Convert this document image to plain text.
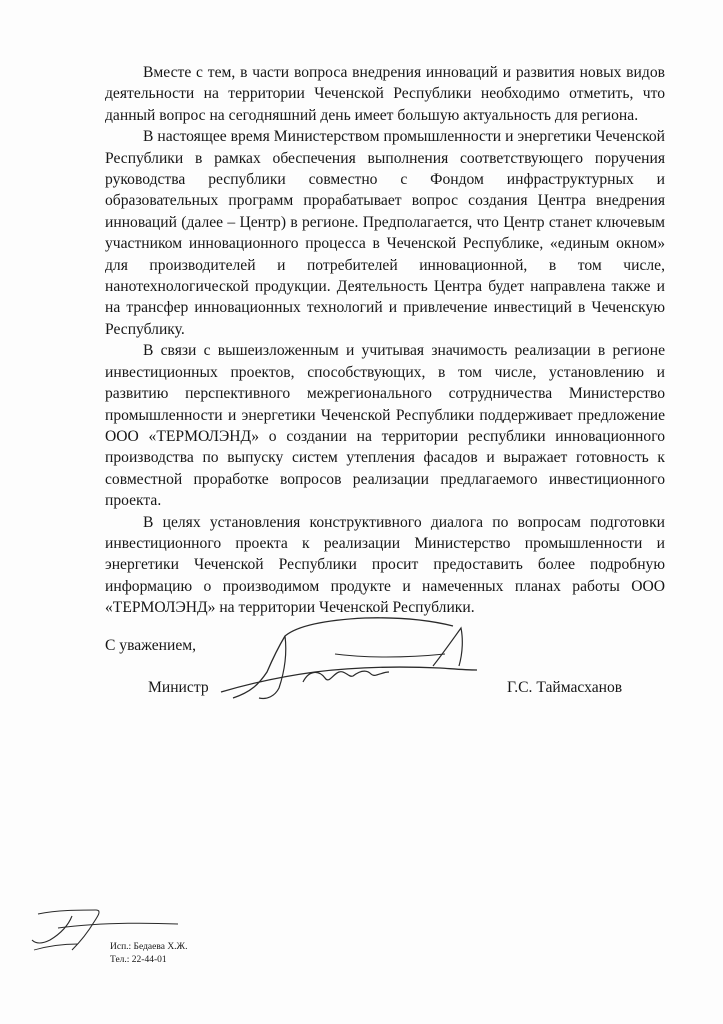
Вместе с тем, в части вопроса внедрения инноваций и развития новых видов деятельности на территории Чеченской Республики необходимо отметить, что данный вопрос на сегодняшний день имеет большую актуальность для региона.

В настоящее время Министерством промышленности и энергетики Чеченской Республики в рамках обеспечения выполнения соответствующего поручения руководства республики совместно с Фондом инфраструктурных и образовательных программ прорабатывает вопрос создания Центра внедрения инноваций (далее – Центр) в регионе. Предполагается, что Центр станет ключевым участником инновационного процесса в Чеченской Республике, «единым окном» для производителей и потребителей инновационной, в том числе, нанотехнологической продукции. Деятельность Центра будет направлена также и на трансфер инновационных технологий и привлечение инвестиций в Чеченскую Республику.

В связи с вышеизложенным и учитывая значимость реализации в регионе инвестиционных проектов, способствующих, в том числе, установлению и развитию перспективного межрегионального сотрудничества Министерство промышленности и энергетики Чеченской Республики поддерживает предложение ООО «ТЕРМОЛЭНД» о создании на территории республики инновационного производства по выпуску систем утепления фасадов и выражает готовность к совместной проработке вопросов реализации предлагаемого инвестиционного проекта.

В целях установления конструктивного диалога по вопросам подготовки инвестиционного проекта к реализации Министерство промышленности и энергетики Чеченской Республики просит предоставить более подробную информацию о производимом продукте и намеченных планах работы ООО «ТЕРМОЛЭНД» на территории Чеченской Республики.

С уважением,
Министр	Г.С. Таймасханов
Исп.: Бедаева Х.Ж.
Тел.: 22-44-01
